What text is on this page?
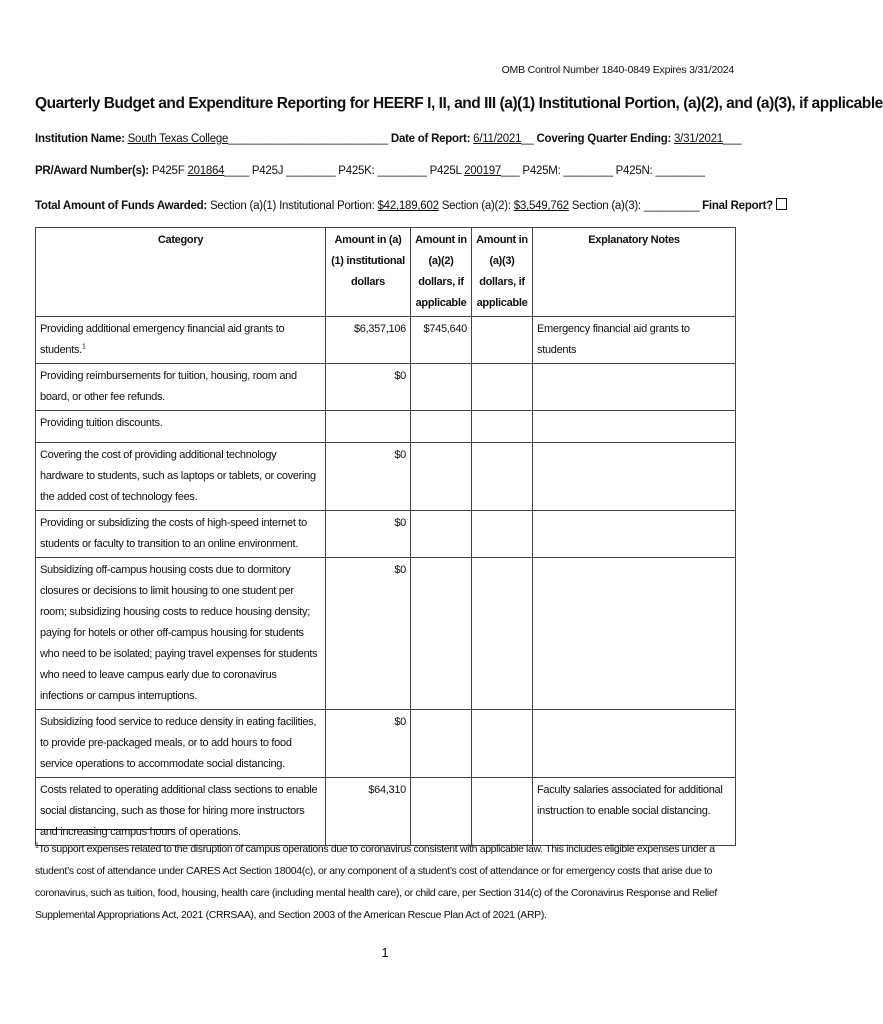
OMB Control Number 1840-0849 Expires 3/31/2024
Quarterly Budget and Expenditure Reporting for HEERF I, II, and III (a)(1) Institutional Portion, (a)(2), and (a)(3), if applicable
Institution Name: South Texas College__________________________ Date of Report: 6/11/2021__ Covering Quarter Ending: 3/31/2021___
PR/Award Number(s): P425F 201864____ P425J ________ P425K: ________ P425L 200197___ P425M: ________ P425N: ________
Total Amount of Funds Awarded: Section (a)(1) Institutional Portion: $42,189,602 Section (a)(2): $3,549,762 Section (a)(3): _________ Final Report?
Category	Amount in (a)(1) institutional dollars	Amount in (a)(2) dollars, if applicable	Amount in (a)(3) dollars, if applicable	Explanatory Notes
Providing additional emergency financial aid grants to students.$^1$	$6,357,106	$745,640		Emergency financial aid grants to students
Providing reimbursements for tuition, housing, room and board, or other fee refunds.	$0			
Providing tuition discounts.				
Covering the cost of providing additional technology hardware to students, such as laptops or tablets, or covering the added cost of technology fees.	$0			
Providing or subsidizing the costs of high-speed internet to students or faculty to transition to an online environment.	$0			
Subsidizing off-campus housing costs due to dormitory closures or decisions to limit housing to one student per room; subsidizing housing costs to reduce housing density; paying for hotels or other off-campus housing for students who need to be isolated; paying travel expenses for students who need to leave campus early due to coronavirus infections or campus interruptions.	$0			
Subsidizing food service to reduce density in eating facilities, to provide pre-packaged meals, or to add hours to food service operations to accommodate social distancing.	$0			
Costs related to operating additional class sections to enable social distancing, such as those for hiring more instructors and increasing campus hours of operations.	$64,310			Faculty salaries associated for additional instruction to enable social distancing.
$^1$To support expenses related to the disruption of campus operations due to coronavirus consistent with applicable law. This includes eligible expenses under a student’s cost of attendance under CARES Act Section 18004(c), or any component of a student’s cost of attendance or for emergency costs that arise due to coronavirus, such as tuition, food, housing, health care (including mental health care), or child care, per Section 314(c) of the Coronavirus Response and Relief Supplemental Appropriations Act, 2021 (CRRSAA), and Section 2003 of the American Rescue Plan Act of 2021 (ARP).
1
